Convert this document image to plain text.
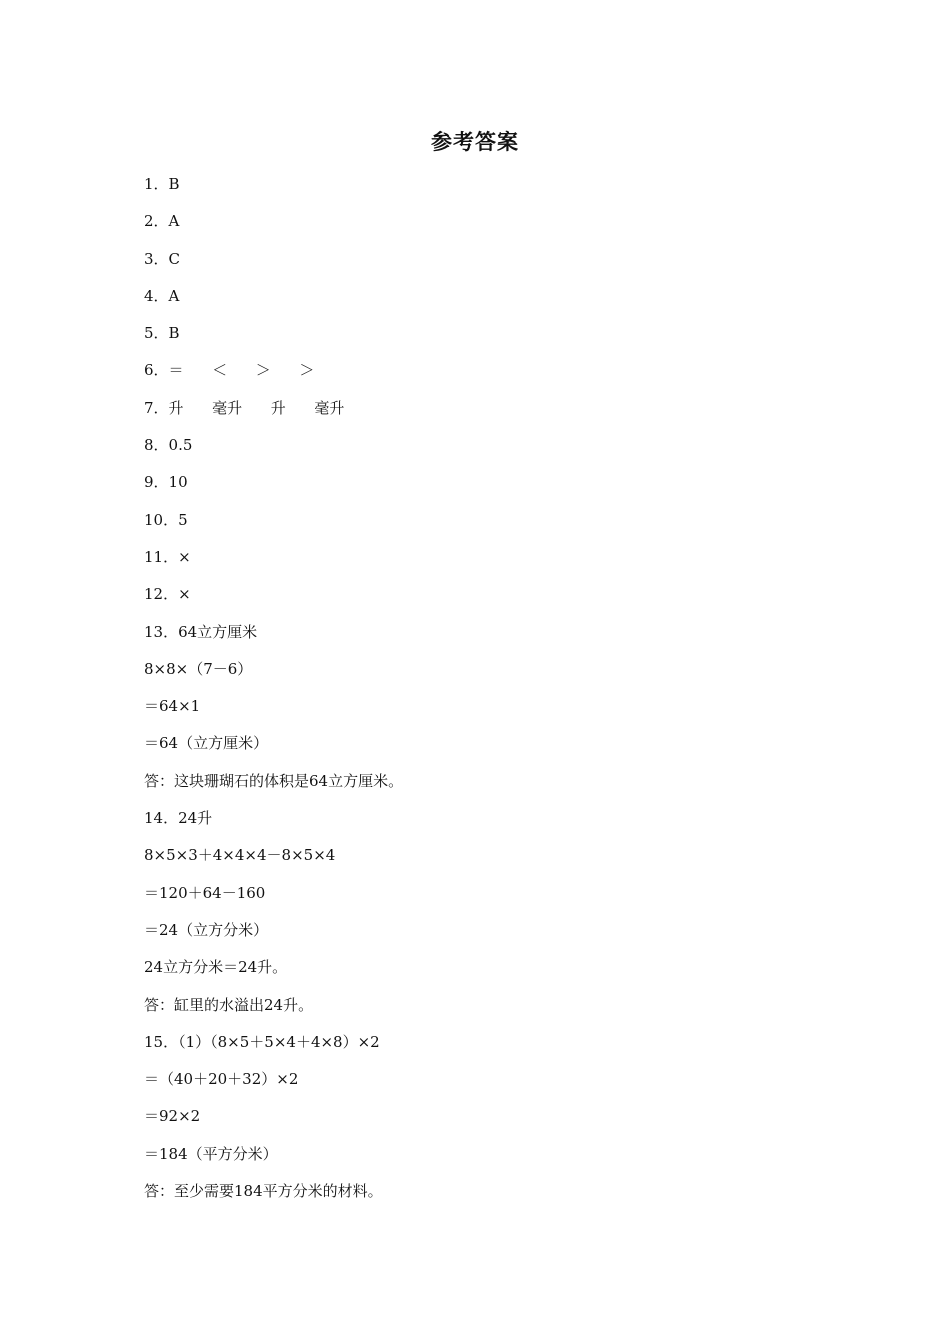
参考答案
1．B
2．A
3．C
4．A
5．B
6．＝      ＜      ＞      ＞
7．升      毫升      升      毫升
8．0.5
9．10
10．5
11．×
12．×
13．64立方厘米
8×8×（7－6）
＝64×1
＝64（立方厘米）
答：这块珊瑚石的体积是64立方厘米。
14．24升
8×5×3＋4×4×4－8×5×4
＝120＋64－160
＝24（立方分米）
24立方分米＝24升。
答：缸里的水溢出24升。
15．（1）（8×5＋5×4＋4×8）×2
＝（40＋20＋32）×2
＝92×2
＝184（平方分米）
答：至少需要184平方分米的材料。
